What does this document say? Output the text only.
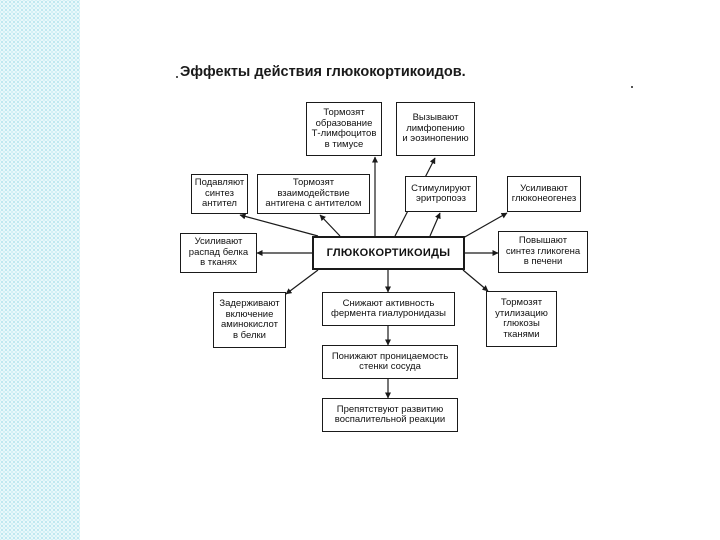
Эффекты действия глюкокортикоидов.
Тормозят
образование
Т-лимфоцитов
в тимусе
Вызывают
лимфопению
и эозинопению
Подавляют
синтез
антител
Тормозят
взаимодействие
антигена с антителом
Стимулируют
эритропоэз
Усиливают
глюконеогенез
Усиливают
распад белка
в тканях
ГЛЮКОКОРТИКОИДЫ
Повышают
синтез гликогена
в печени
Задерживают
включение
аминокислот
в белки
Снижают активность
фермента гиалуронидазы
Тормозят
утилизацию
глюкозы
тканями
Понижают проницаемость
стенки сосуда
Препятствуют развитию
воспалительной реакции
